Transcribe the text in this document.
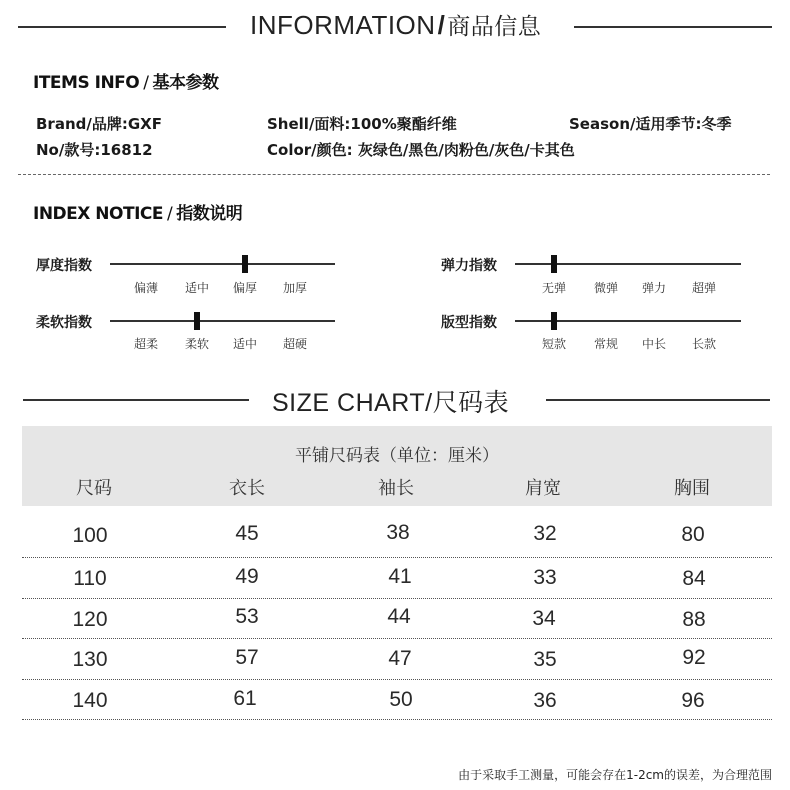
INFORMATION/商品信息
ITEMS INFO / 基本参数
Brand/品牌:GXF
No/款号:16812
Shell/面料:100%聚酯纤维
Color/颜色: 灰绿色/黑色/肉粉色/灰色/卡其色
Season/适用季节:冬季
INDEX NOTICE / 指数说明
厚度指数
偏薄 适中 偏厚 加厚
弹力指数
无弹 微弹 弹力 超弹
柔软指数
超柔 柔软 适中 超硬
版型指数
短款 常规 中长 长款
SIZE CHART/尺码表
平铺尺码表（单位：厘米）
尺码	衣长	袖长	肩宽	胸围
100	45	38	32	80
110	49	41	33	84
120	53	44	34	88
130	57	47	35	92
140	61	50	36	96
由于采取手工测量，可能会存在1-2cm的误差，为合理范围
